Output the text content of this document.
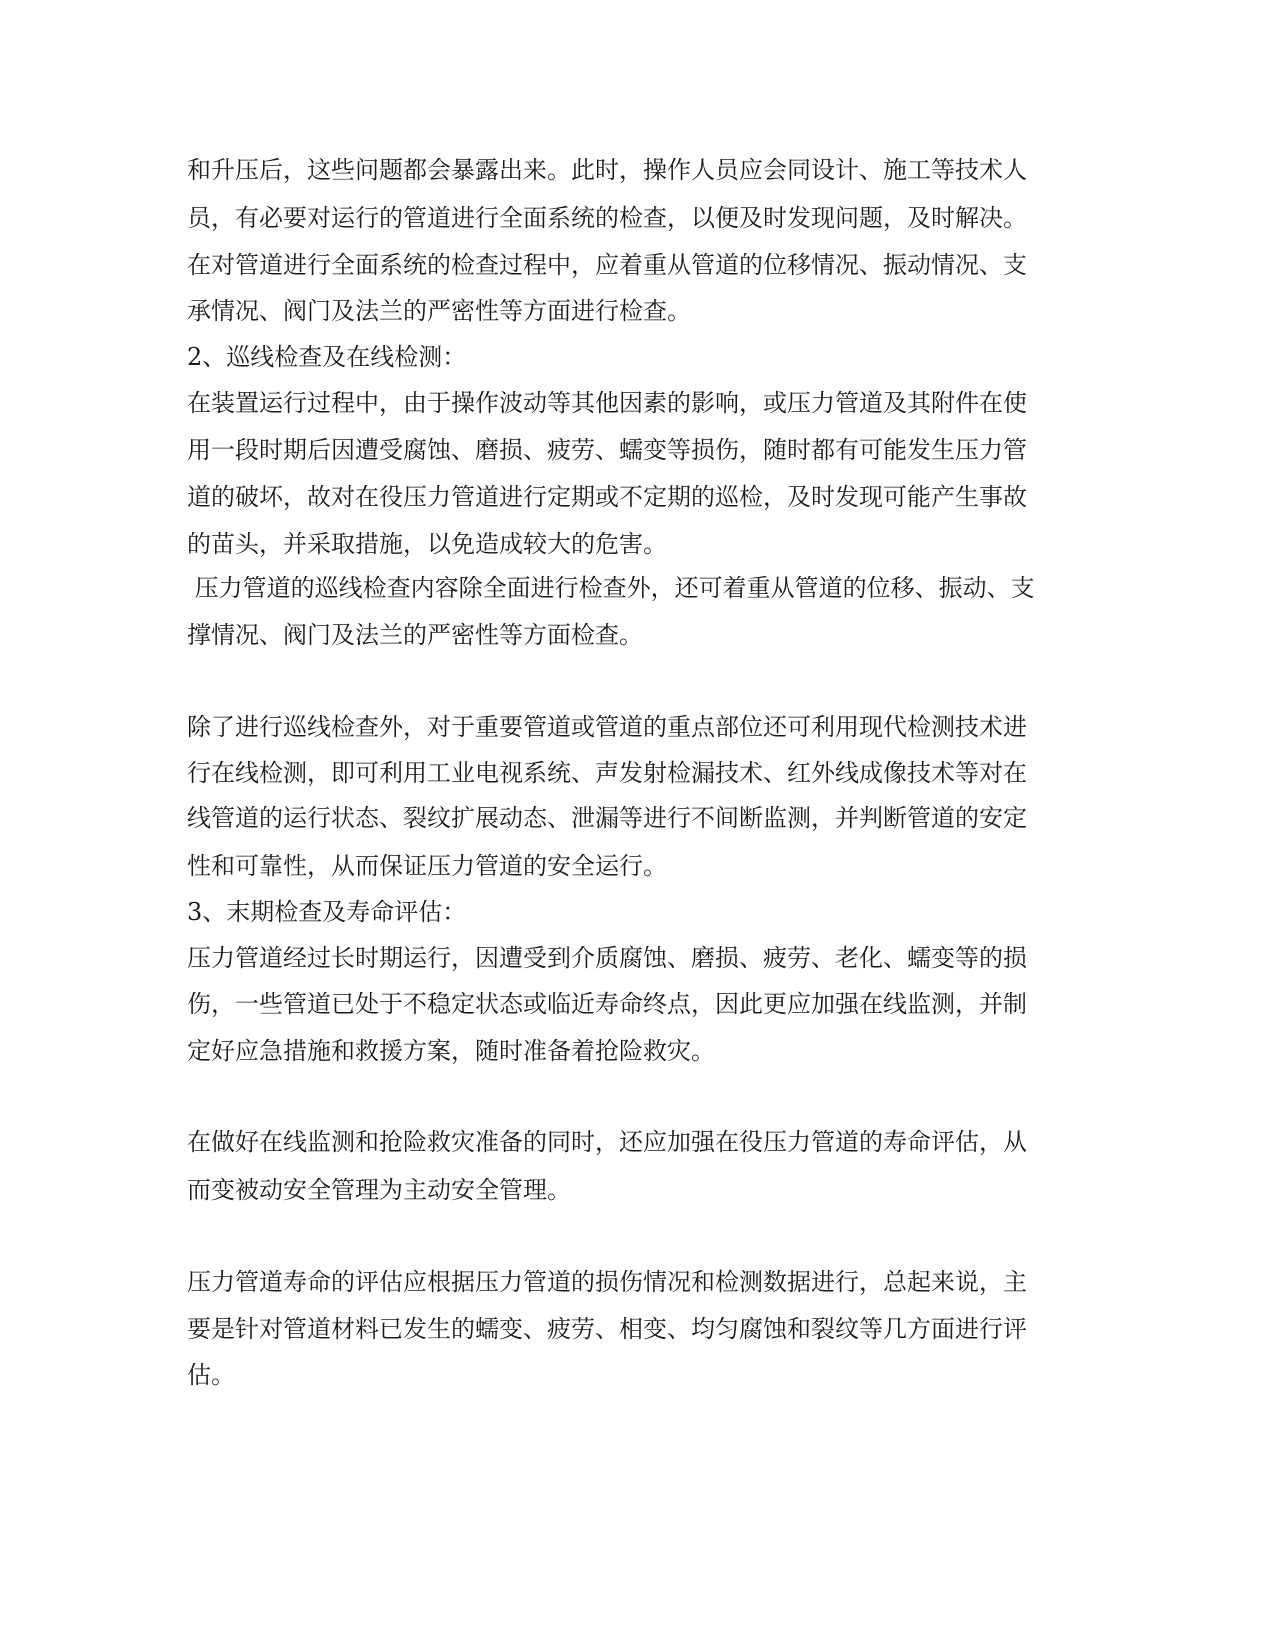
和升压后，这些问题都会暴露出来。此时，操作人员应会同设计、施工等技术人

员，有必要对运行的管道进行全面系统的检查，以便及时发现问题，及时解决。

在对管道进行全面系统的检查过程中，应着重从管道的位移情况、振动情况、支

承情况、阀门及法兰的严密性等方面进行检查。

2、巡线检查及在线检测：

在装置运行过程中，由于操作波动等其他因素的影响，或压力管道及其附件在使

用一段时期后因遭受腐蚀、磨损、疲劳、蠕变等损伤，随时都有可能发生压力管

道的破坏，故对在役压力管道进行定期或不定期的巡检，及时发现可能产生事故

的苗头，并采取措施，以免造成较大的危害。

压力管道的巡线检查内容除全面进行检查外，还可着重从管道的位移、振动、支

撑情况、阀门及法兰的严密性等方面检查。

除了进行巡线检查外，对于重要管道或管道的重点部位还可利用现代检测技术进

行在线检测，即可利用工业电视系统、声发射检漏技术、红外线成像技术等对在

线管道的运行状态、裂纹扩展动态、泄漏等进行不间断监测，并判断管道的安定

性和可靠性，从而保证压力管道的安全运行。

3、末期检查及寿命评估：

压力管道经过长时期运行，因遭受到介质腐蚀、磨损、疲劳、老化、蠕变等的损

伤，一些管道已处于不稳定状态或临近寿命终点，因此更应加强在线监测，并制

定好应急措施和救援方案，随时准备着抢险救灾。

在做好在线监测和抢险救灾准备的同时，还应加强在役压力管道的寿命评估，从

而变被动安全管理为主动安全管理。

压力管道寿命的评估应根据压力管道的损伤情况和检测数据进行，总起来说，主

要是针对管道材料已发生的蠕变、疲劳、相变、均匀腐蚀和裂纹等几方面进行评

估。
